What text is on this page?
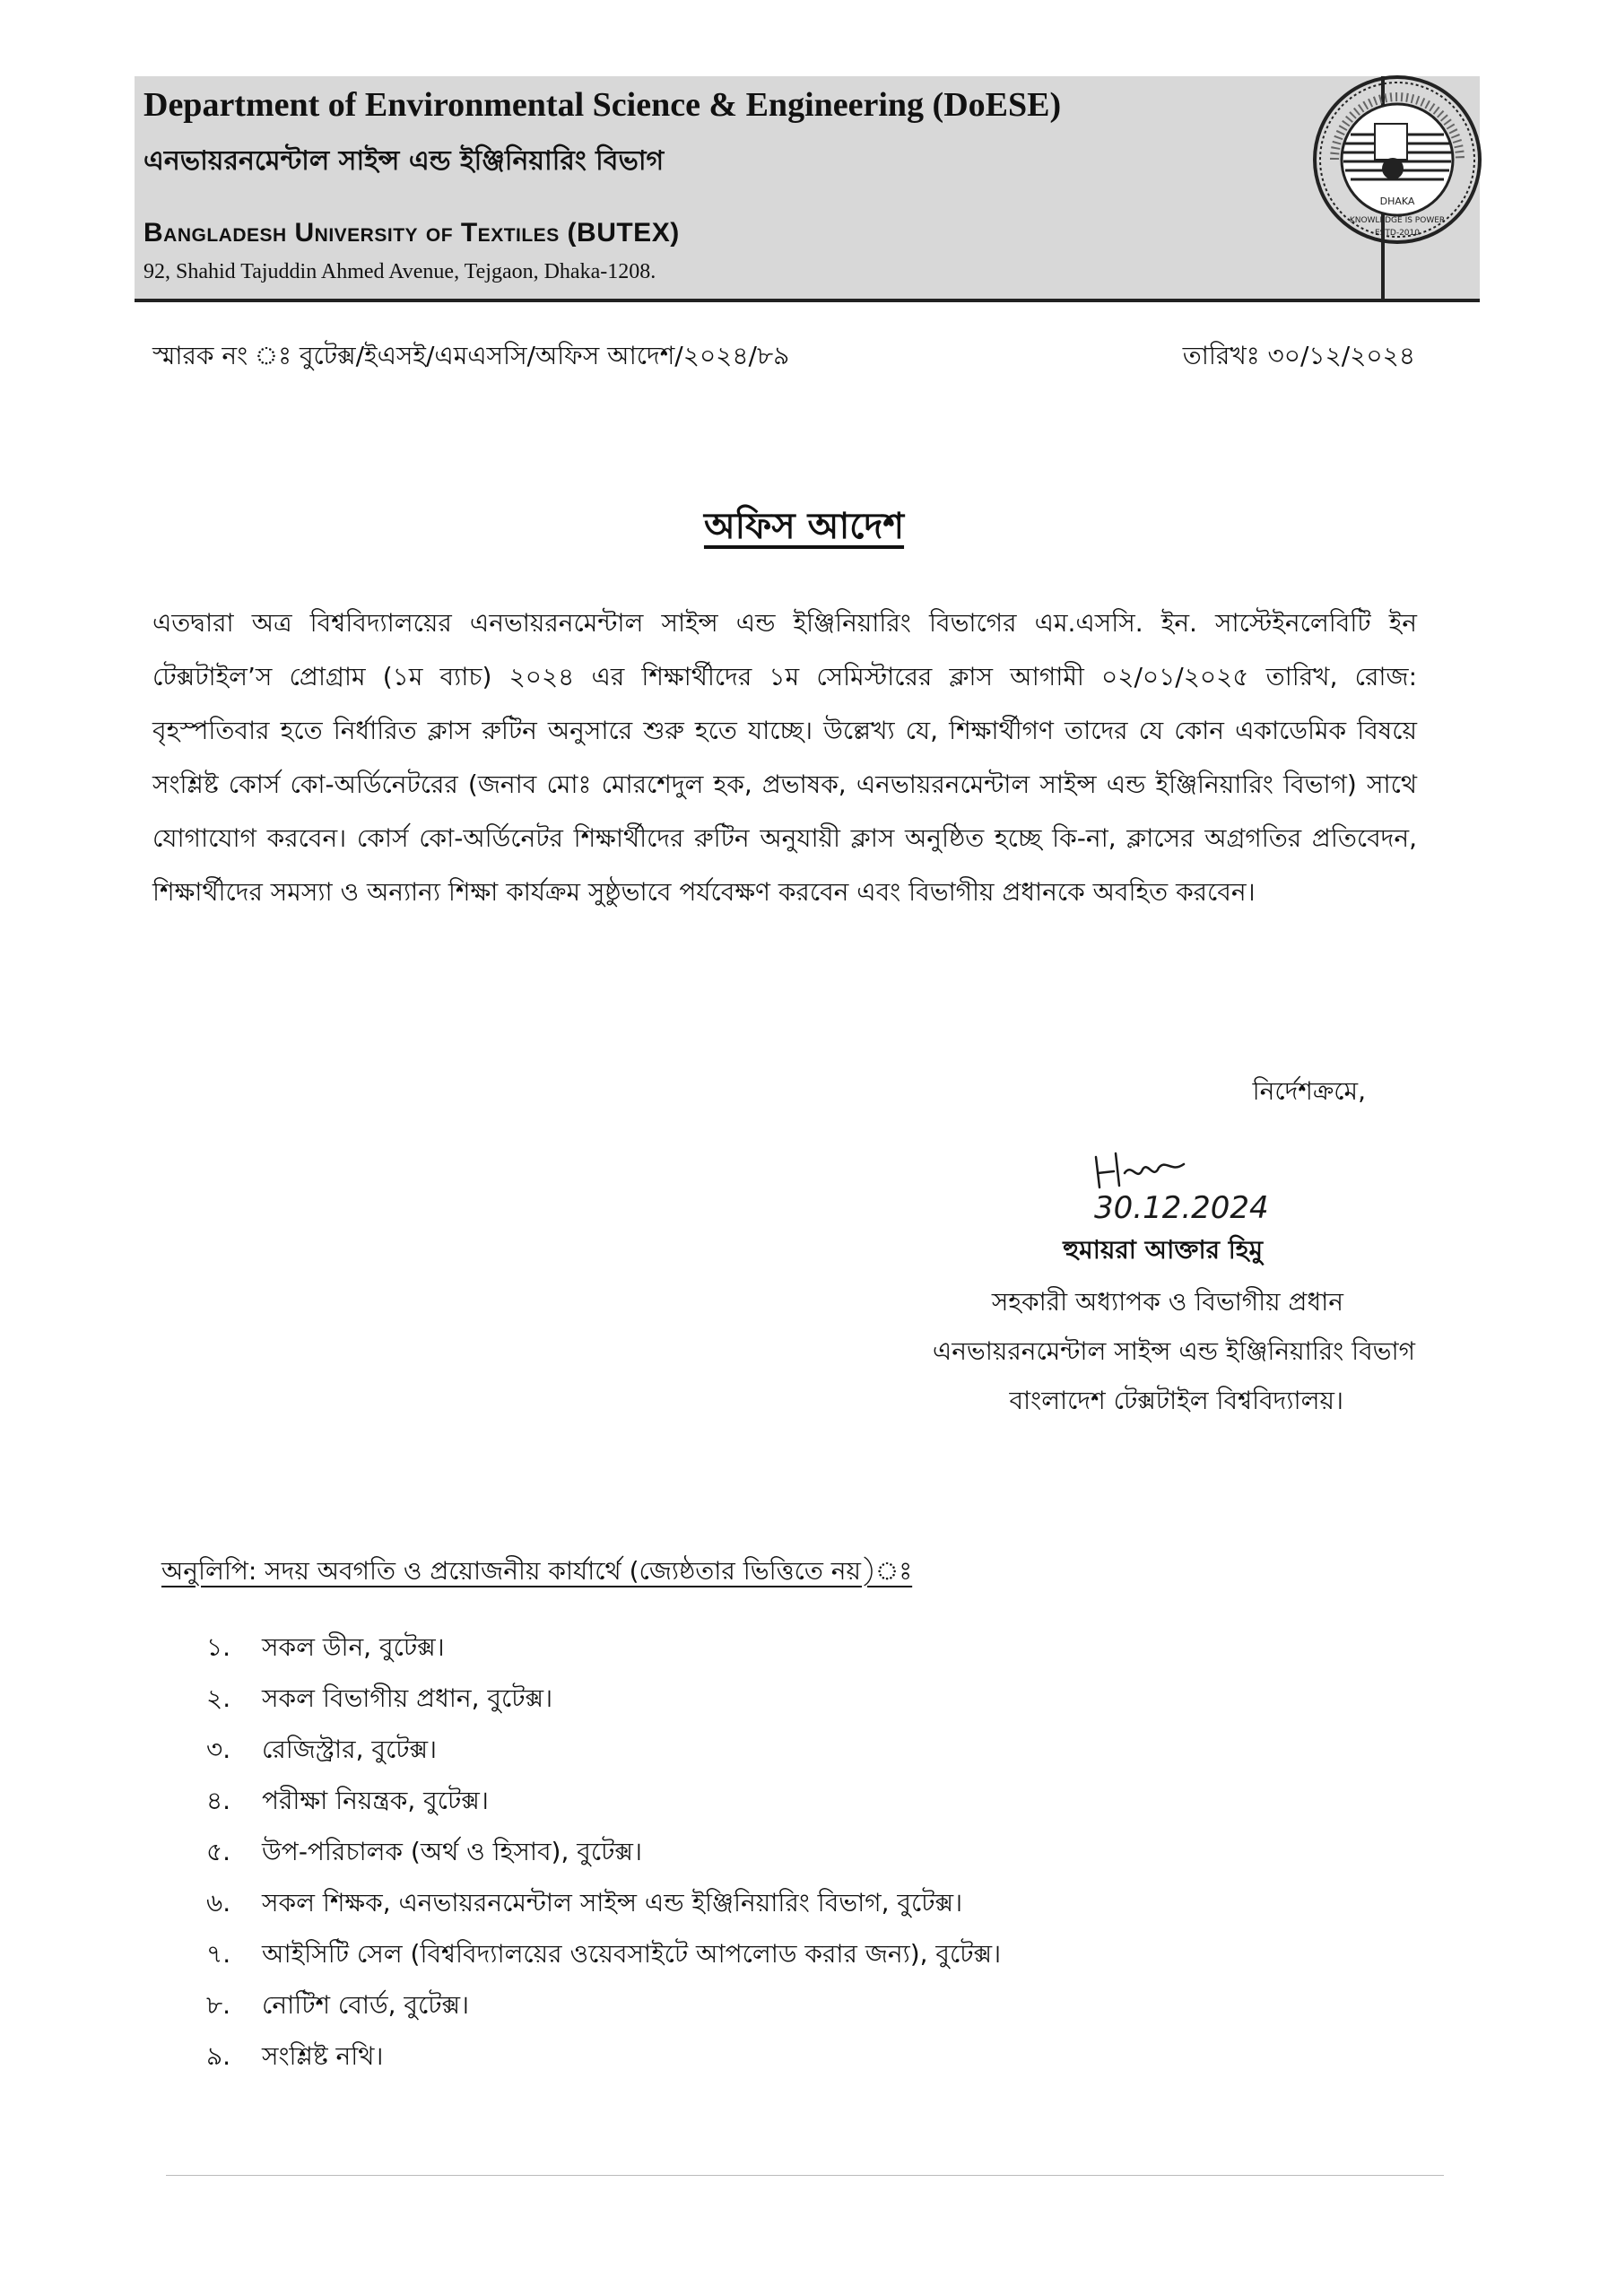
Department of Environmental Science & Engineering (DoESE)
এনভায়রনমেন্টাল সাইন্স এন্ড ইঞ্জিনিয়ারিং বিভাগ
Bangladesh University of Textiles (BUTEX)
92, Shahid Tajuddin Ahmed Avenue, Tejgaon, Dhaka-1208.
DHAKA
KNOWLEDGE IS POWER
ESTD-2010
স্মারক নং ঃ বুটেক্স/ইএসই/এমএসসি/অফিস আদেশ/২০২৪/৮৯	তারিখঃ ৩০/১২/২০২৪
অফিস আদেশ
এতদ্বারা অত্র বিশ্ববিদ্যালয়ের এনভায়রনমেন্টাল সাইন্স এন্ড ইঞ্জিনিয়ারিং বিভাগের এম.এসসি. ইন. সাস্টেইনলেবিটি ইন টেক্সটাইল’স প্রোগ্রাম (১ম ব্যাচ) ২০২৪ এর শিক্ষার্থীদের ১ম সেমিস্টারের ক্লাস আগামী ০২/০১/২০২৫ তারিখ, রোজ: বৃহস্পতিবার হতে নির্ধারিত ক্লাস রুটিন অনুসারে শুরু হতে যাচ্ছে। উল্লেখ্য যে, শিক্ষার্থীগণ তাদের যে কোন একাডেমিক বিষয়ে সংশ্লিষ্ট কোর্স কো-অর্ডিনেটরের (জনাব মোঃ মোরশেদুল হক, প্রভাষক, এনভায়রনমেন্টাল সাইন্স এন্ড ইঞ্জিনিয়ারিং বিভাগ) সাথে যোগাযোগ করবেন। কোর্স কো-অর্ডিনেটর শিক্ষার্থীদের রুটিন অনুযায়ী ক্লাস অনুষ্ঠিত হচ্ছে কি-না, ক্লাসের অগ্রগতির প্রতিবেদন, শিক্ষার্থীদের সমস্যা ও অন্যান্য শিক্ষা কার্যক্রম সুষ্ঠুভাবে পর্যবেক্ষণ করবেন এবং বিভাগীয় প্রধানকে অবহিত করবেন।
নির্দেশক্রমে,
30.12.2024
হুমায়রা আক্তার হিমু
সহকারী অধ্যাপক ও বিভাগীয় প্রধান
এনভায়রনমেন্টাল সাইন্স এন্ড ইঞ্জিনিয়ারিং বিভাগ
বাংলাদেশ টেক্সটাইল বিশ্ববিদ্যালয়।
অনুলিপি: সদয় অবগতি ও প্রয়োজনীয় কার্যার্থে (জ্যেষ্ঠতার ভিত্তিতে নয়)ঃ
১. সকল ডীন, বুটেক্স।
২. সকল বিভাগীয় প্রধান, বুটেক্স।
৩. রেজিস্ট্রার, বুটেক্স।
৪. পরীক্ষা নিয়ন্ত্রক, বুটেক্স।
৫. উপ-পরিচালক (অর্থ ও হিসাব), বুটেক্স।
৬. সকল শিক্ষক, এনভায়রনমেন্টাল সাইন্স এন্ড ইঞ্জিনিয়ারিং বিভাগ, বুটেক্স।
৭. আইসিটি সেল (বিশ্ববিদ্যালয়ের ওয়েবসাইটে আপলোড করার জন্য), বুটেক্স।
৮. নোটিশ বোর্ড, বুটেক্স।
৯. সংশ্লিষ্ট নথি।
